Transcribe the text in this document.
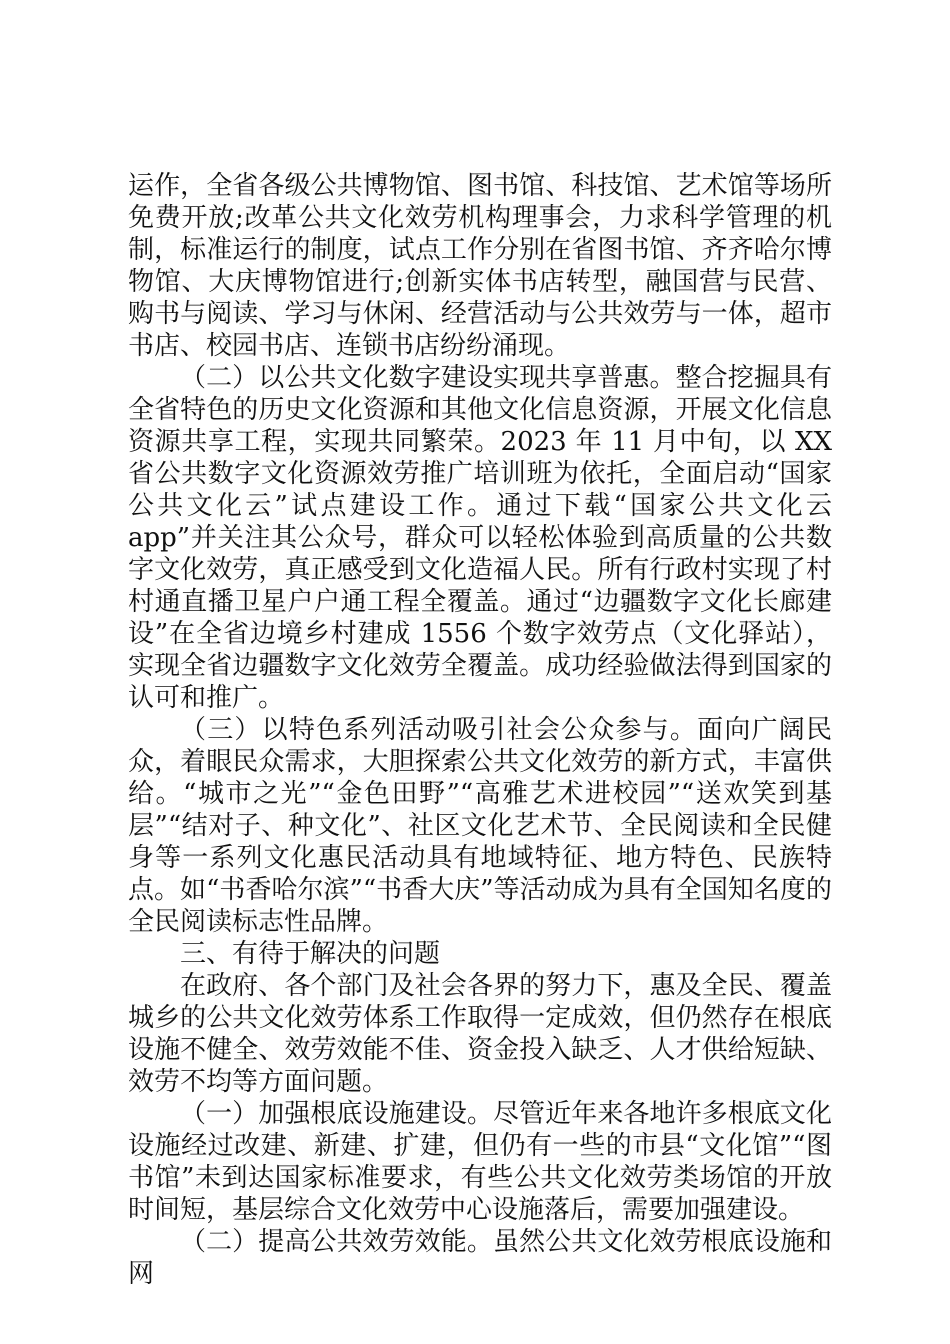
运作，全省各级公共博物馆、图书馆、科技馆、艺术馆等场所免费开放;改革公共文化效劳机构理事会，力求科学管理的机制，标准运行的制度，试点工作分别在省图书馆、齐齐哈尔博物馆、大庆博物馆进行;创新实体书店转型，融国营与民营、购书与阅读、学习与休闲、经营活动与公共效劳与一体，超市书店、校园书店、连锁书店纷纷涌现。

（二）以公共文化数字建设实现共享普惠。整合挖掘具有全省特色的历史文化资源和其他文化信息资源，开展文化信息资源共享工程，实现共同繁荣。2023 年 11 月中旬，以 XX 省公共数字文化资源效劳推广培训班为依托，全面启动“国家公共文化云”试点建设工作。通过下载“国家公共文化云 app”并关注其公众号，群众可以轻松体验到高质量的公共数字文化效劳，真正感受到文化造福人民。所有行政村实现了村村通直播卫星户户通工程全覆盖。通过“边疆数字文化长廊建设”在全省边境乡村建成 1556 个数字效劳点（文化驿站），实现全省边疆数字文化效劳全覆盖。成功经验做法得到国家的认可和推广。

（三）以特色系列活动吸引社会公众参与。面向广阔民众，着眼民众需求，大胆探索公共文化效劳的新方式，丰富供给。“城市之光”“金色田野”“高雅艺术进校园”“送欢笑到基层”“结对子、种文化”、社区文化艺术节、全民阅读和全民健身等一系列文化惠民活动具有地域特征、地方特色、民族特点。如“书香哈尔滨”“书香大庆”等活动成为具有全国知名度的全民阅读标志性品牌。

三、有待于解决的问题

在政府、各个部门及社会各界的努力下，惠及全民、覆盖城乡的公共文化效劳体系工作取得一定成效，但仍然存在根底设施不健全、效劳效能不佳、资金投入缺乏、人才供给短缺、效劳不均等方面问题。

（一）加强根底设施建设。尽管近年来各地许多根底文化设施经过改建、新建、扩建，但仍有一些的市县“文化馆”“图书馆”未到达国家标准要求，有些公共文化效劳类场馆的开放时间短，基层综合文化效劳中心设施落后，需要加强建设。

（二）提高公共效劳效能。虽然公共文化效劳根底设施和网
